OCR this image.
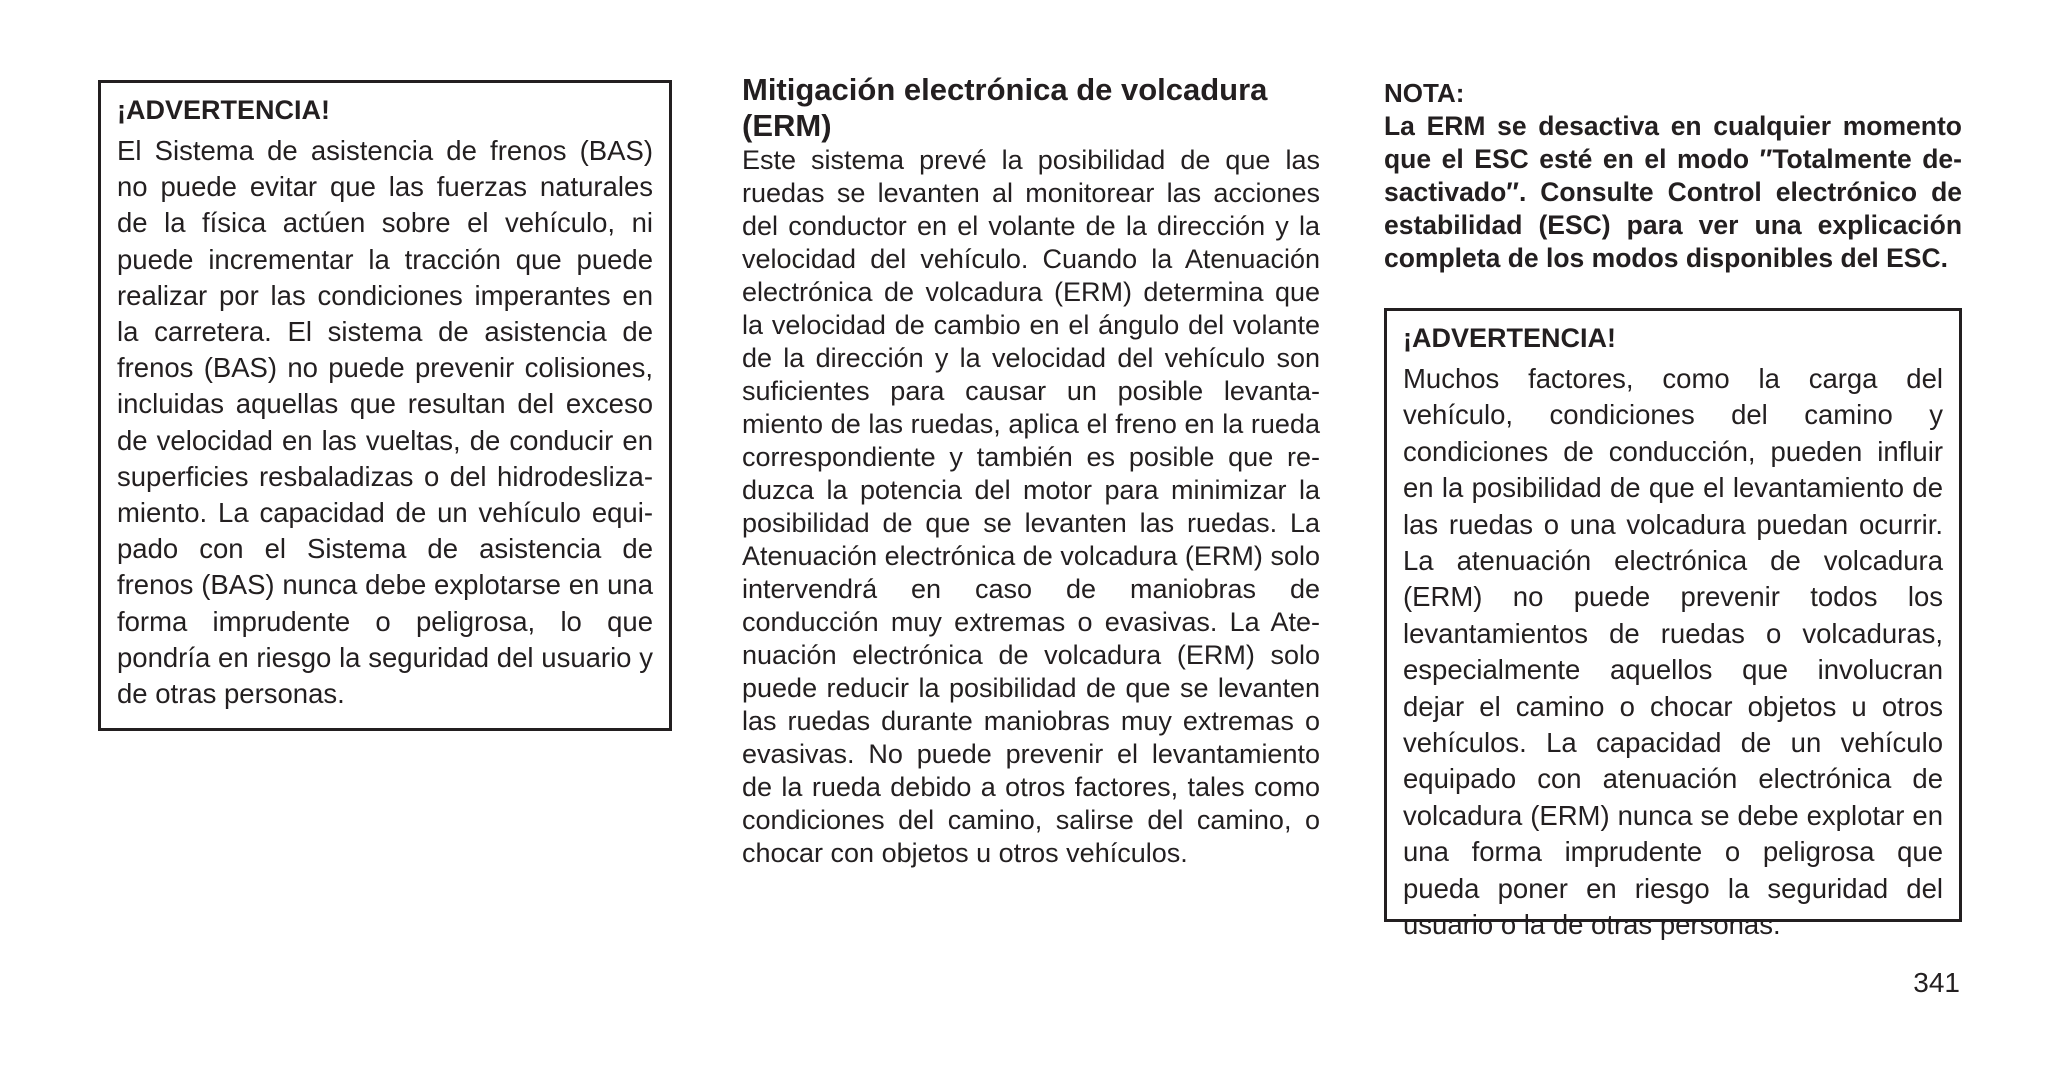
¡ADVERTENCIA!

El Sistema de asistencia de frenos (BAS) no puede evitar que las fuerzas naturales de la física actúen sobre el vehículo, ni puede incrementar la tracción que puede realizar por las condiciones imperantes en la carretera. El sistema de asistencia de frenos (BAS) no puede prevenir colisiones, incluidas aquellas que resultan del exceso de velocidad en las vueltas, de conducir en superficies resbaladizas o del hidrodeslizamiento. La capacidad de un vehículo equipado con el Sistema de asistencia de frenos (BAS) nunca debe explotarse en una forma imprudente o peligrosa, lo que pondría en riesgo la seguridad del usuario y de otras personas.

Mitigación electrónica de volcadura (ERM)

Este sistema prevé la posibilidad de que las ruedas se levanten al monitorear las acciones del conductor en el volante de la dirección y la velocidad del vehículo. Cuando la Atenuación electrónica de volcadura (ERM) determina que la velocidad de cambio en el ángulo del volante de la dirección y la velocidad del vehículo son suficientes para causar un posible levantamiento de las ruedas, aplica el freno en la rueda correspondiente y también es posible que reduzca la potencia del motor para minimizar la posibilidad de que se levanten las ruedas. La Atenuación electrónica de volcadura (ERM) solo intervendrá en caso de maniobras de conducción muy extremas o evasivas. La Atenuación electrónica de volcadura (ERM) solo puede reducir la posibilidad de que se levanten las ruedas durante maniobras muy extremas o evasivas. No puede prevenir el levantamiento de la rueda debido a otros factores, tales como condiciones del camino, salirse del camino, o chocar con objetos u otros vehículos.

NOTA:

La ERM se desactiva en cualquier momento que el ESC esté en el modo ″Totalmente desactivado″. Consulte Control electrónico de estabilidad (ESC) para ver una explicación completa de los modos disponibles del ESC.

¡ADVERTENCIA!

Muchos factores, como la carga del vehículo, condiciones del camino y condiciones de conducción, pueden influir en la posibilidad de que el levantamiento de las ruedas o una volcadura puedan ocurrir. La atenuación electrónica de volcadura (ERM) no puede prevenir todos los levantamientos de ruedas o volcaduras, especialmente aquellos que involucran dejar el camino o chocar objetos u otros vehículos. La capacidad de un vehículo equipado con atenuación electrónica de volcadura (ERM) nunca se debe explotar en una forma imprudente o peligrosa que pueda poner en riesgo la seguridad del usuario o la de otras personas.

341
